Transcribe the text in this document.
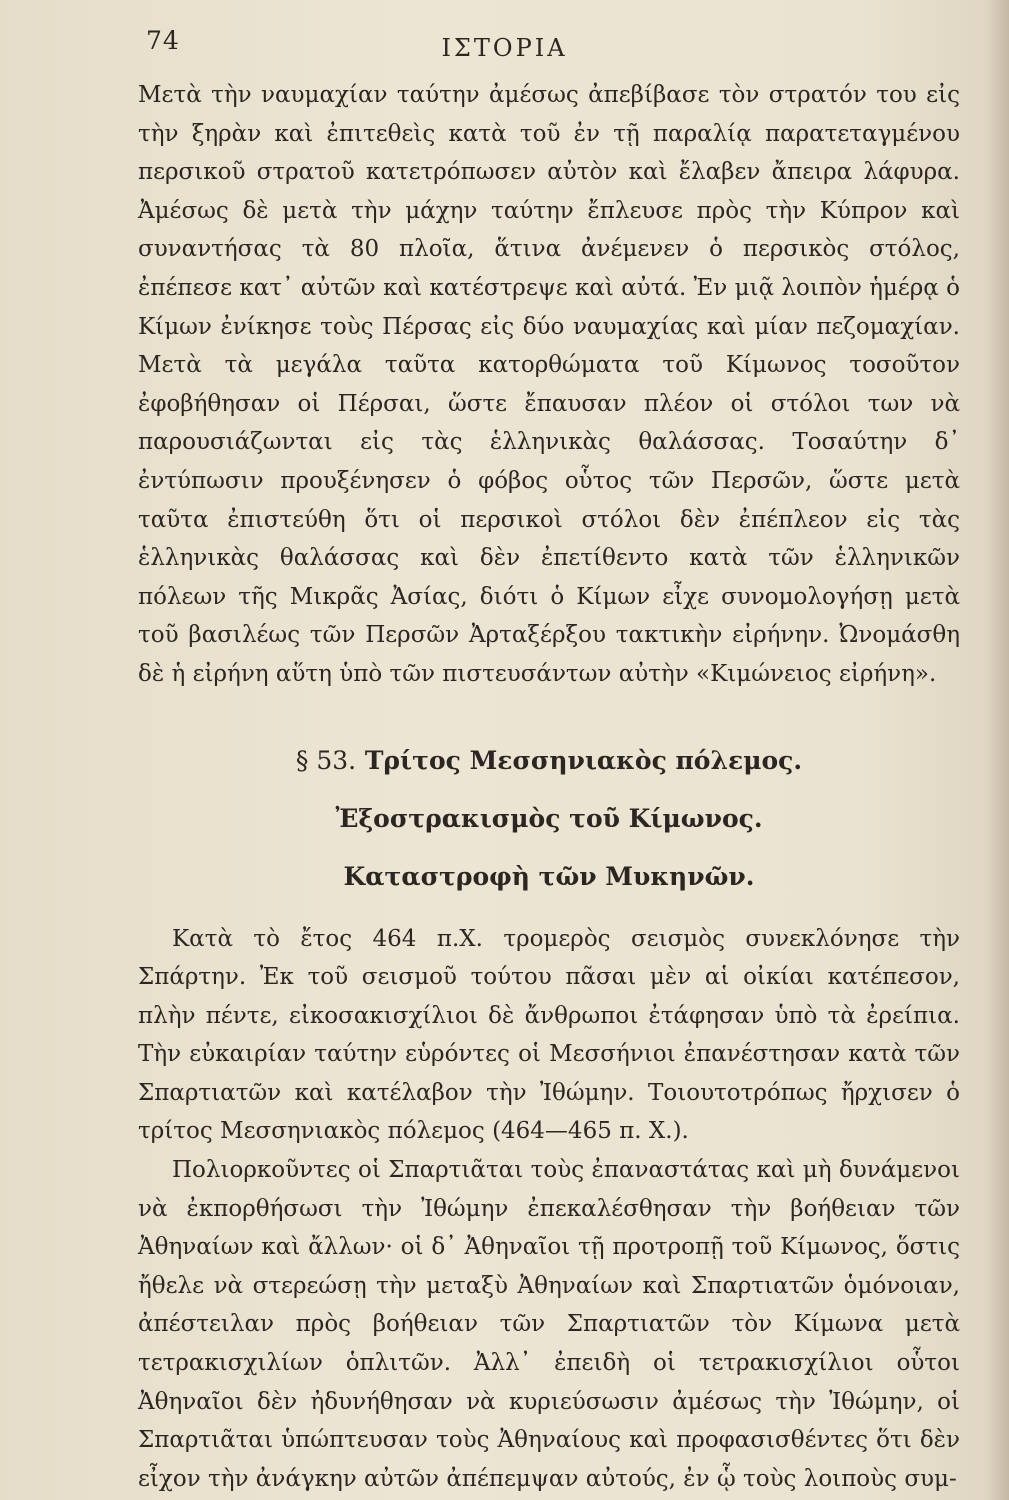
74	ΙΣΤΟΡΙΑ

Μετὰ τὴν ναυμαχίαν ταύτην ἀμέσως ἀπεβίβασε τὸν στρατόν του εἰς τὴν ξηρὰν καὶ ἐπιτεθεὶς κατὰ τοῦ ἐν τῇ παραλίᾳ παρατεταγμένου περσικοῦ στρατοῦ κατετρόπωσεν αὐτὸν καὶ ἔλαβεν ἄπειρα λάφυρα. Ἀμέσως δὲ μετὰ τὴν μάχην ταύτην ἔπλευσε πρὸς τὴν Κύπρον καὶ συναντήσας τὰ 80 πλοῖα, ἅτινα ἀνέμενεν ὁ περσικὸς στόλος, ἐπέπεσε κατ᾽ αὐτῶν καὶ κατέστρεψε καὶ αὐτά. Ἐν μιᾷ λοιπὸν ἡμέρᾳ ὁ Κίμων ἐνίκησε τοὺς Πέρσας εἰς δύο ναυμαχίας καὶ μίαν πεζομαχίαν. Μετὰ τὰ μεγάλα ταῦτα κατορθώματα τοῦ Κίμωνος τοσοῦτον ἐφοβήθησαν οἱ Πέρσαι, ὥστε ἔπαυσαν πλέον οἱ στόλοι των νὰ παρουσιάζωνται εἰς τὰς ἑλληνικὰς θαλάσσας. Τοσαύτην δ᾽ ἐντύπωσιν προυξένησεν ὁ φόβος οὗτος τῶν Περσῶν, ὥστε μετὰ ταῦτα ἐπιστεύθη ὅτι οἱ περσικοὶ στόλοι δὲν ἐπέπλεον εἰς τὰς ἑλληνικὰς θαλάσσας καὶ δὲν ἐπετίθεντο κατὰ τῶν ἑλληνικῶν πόλεων τῆς Μικρᾶς Ἀσίας, διότι ὁ Κίμων εἶχε συνομολογήσῃ μετὰ τοῦ βασιλέως τῶν Περσῶν Ἀρταξέρξου τακτικὴν εἰρήνην. Ὠνομάσθη δὲ ἡ εἰρήνη αὕτη ὑπὸ τῶν πιστευσάντων αὐτὴν «Κιμώνειος εἰρήνη».

§ 53. Τρίτος Μεσσηνιακὸς πόλεμος.
Ἐξοστρακισμὸς τοῦ Κίμωνος.
Καταστροφὴ τῶν Μυκηνῶν.

Κατὰ τὸ ἔτος 464 π.Χ. τρομερὸς σεισμὸς συνεκλόνησε τὴν Σπάρτην. Ἐκ τοῦ σεισμοῦ τούτου πᾶσαι μὲν αἱ οἰκίαι κατέπεσον, πλὴν πέντε, εἰκοσακισχίλιοι δὲ ἄνθρωποι ἐτάφησαν ὑπὸ τὰ ἐρείπια. Τὴν εὐκαιρίαν ταύτην εὑρόντες οἱ Μεσσήνιοι ἐπανέστησαν κατὰ τῶν Σπαρτιατῶν καὶ κατέλαβον τὴν Ἰθώμην. Τοιουτοτρόπως ἤρχισεν ὁ τρίτος Μεσσηνιακὸς πόλεμος (464—465 π. Χ.).

Πολιορκοῦντες οἱ Σπαρτιᾶται τοὺς ἐπαναστάτας καὶ μὴ δυνάμενοι νὰ ἐκπορθήσωσι τὴν Ἰθώμην ἐπεκαλέσθησαν τὴν βοήθειαν τῶν Ἀθηναίων καὶ ἄλλων· οἱ δ᾽ Ἀθηναῖοι τῇ προτροπῇ τοῦ Κίμωνος, ὅστις ἤθελε νὰ στερεώσῃ τὴν μεταξὺ Ἀθηναίων καὶ Σπαρτιατῶν ὁμόνοιαν, ἀπέστειλαν πρὸς βοήθειαν τῶν Σπαρτιατῶν τὸν Κίμωνα μετὰ τετρακισχιλίων ὁπλιτῶν. Ἀλλ᾽ ἐπειδὴ οἱ τετρακισχίλιοι οὗτοι Ἀθηναῖοι δὲν ἠδυνήθησαν νὰ κυριεύσωσιν ἀμέσως τὴν Ἰθώμην, οἱ Σπαρτιᾶται ὑπώπτευσαν τοὺς Ἀθηναίους καὶ προφασισθέντες ὅτι δὲν εἶχον τὴν ἀνάγκην αὐτῶν ἀπέπεμψαν αὐτούς, ἐν ᾧ τοὺς λοιποὺς συμ-
